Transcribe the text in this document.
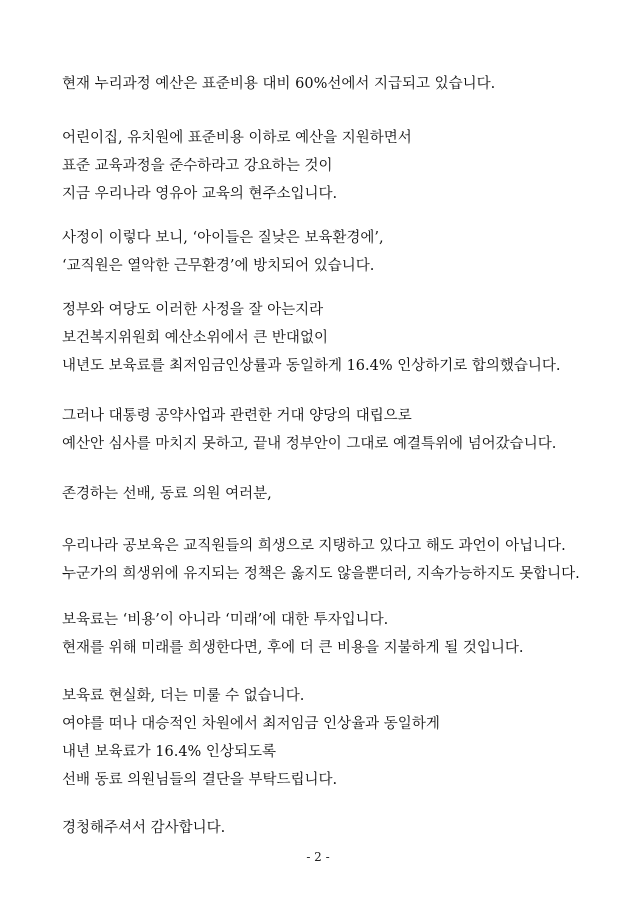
현재 누리과정 예산은 표준비용 대비 60%선에서 지급되고 있습니다.
어린이집, 유치원에 표준비용 이하로 예산을 지원하면서
표준 교육과정을 준수하라고 강요하는 것이
지금 우리나라 영유아 교육의 현주소입니다.
사정이 이렇다 보니, ‘아이들은 질낮은 보육환경에’,
‘교직원은 열악한 근무환경’에 방치되어 있습니다.
정부와 여당도 이러한 사정을 잘 아는지라
보건복지위원회 예산소위에서 큰 반대없이
내년도 보육료를 최저임금인상률과 동일하게 16.4% 인상하기로 합의했습니다.
그러나 대통령 공약사업과 관련한 거대 양당의 대립으로
예산안 심사를 마치지 못하고, 끝내 정부안이 그대로 예결특위에 넘어갔습니다.
존경하는 선배, 동료 의원 여러분,
우리나라 공보육은 교직원들의 희생으로 지탱하고 있다고 해도 과언이 아닙니다.
누군가의 희생위에 유지되는 정책은 옳지도 않을뿐더러, 지속가능하지도 못합니다.
보육료는 ‘비용’이 아니라 ‘미래’에 대한 투자입니다.
현재를 위해 미래를 희생한다면, 후에 더 큰 비용을 지불하게 될 것입니다.
보육료 현실화, 더는 미룰 수 없습니다.
여야를 떠나 대승적인 차원에서 최저임금 인상율과 동일하게
내년 보육료가 16.4% 인상되도록
선배 동료 의원님들의 결단을 부탁드립니다.
경청해주셔서 감사합니다.
- 2 -
